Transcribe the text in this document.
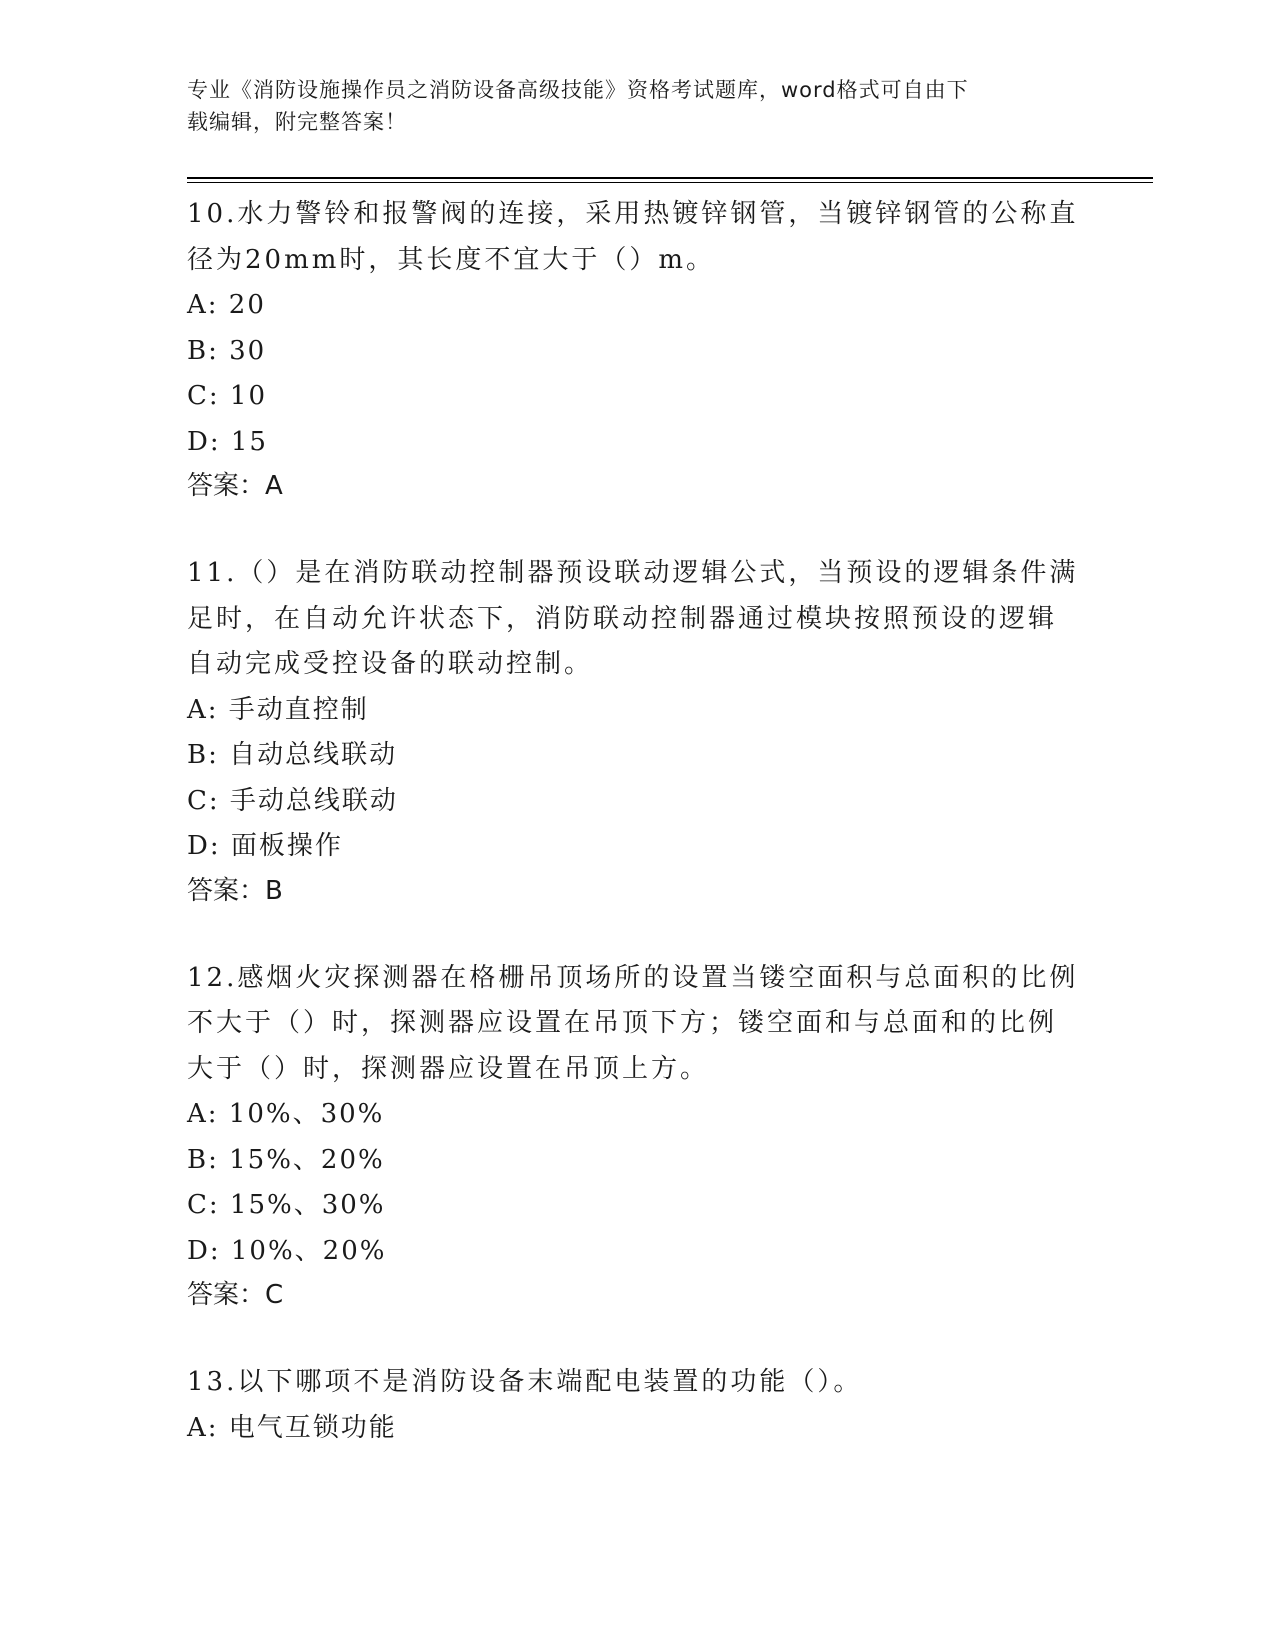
专业《消防设施操作员之消防设备高级技能》资格考试题库，word格式可自由下
载编辑，附完整答案！
10.水力警铃和报警阀的连接，采用热镀锌钢管，当镀锌钢管的公称直
径为20mm时，其长度不宜大于（）m。
A: 20
B: 30
C: 10
D: 15
答案：A
11.（）是在消防联动控制器预设联动逻辑公式，当预设的逻辑条件满
足时，在自动允许状态下，消防联动控制器通过模块按照预设的逻辑
自动完成受控设备的联动控制。
A: 手动直控制
B: 自动总线联动
C: 手动总线联动
D: 面板操作
答案：B
12.感烟火灾探测器在格栅吊顶场所的设置当镂空面积与总面积的比例
不大于（）时，探测器应设置在吊顶下方；镂空面和与总面和的比例
大于（）时，探测器应设置在吊顶上方。
A: 10%、30%
B: 15%、20%
C: 15%、30%
D: 10%、20%
答案：C
13.以下哪项不是消防设备末端配电装置的功能（）。
A: 电气互锁功能
